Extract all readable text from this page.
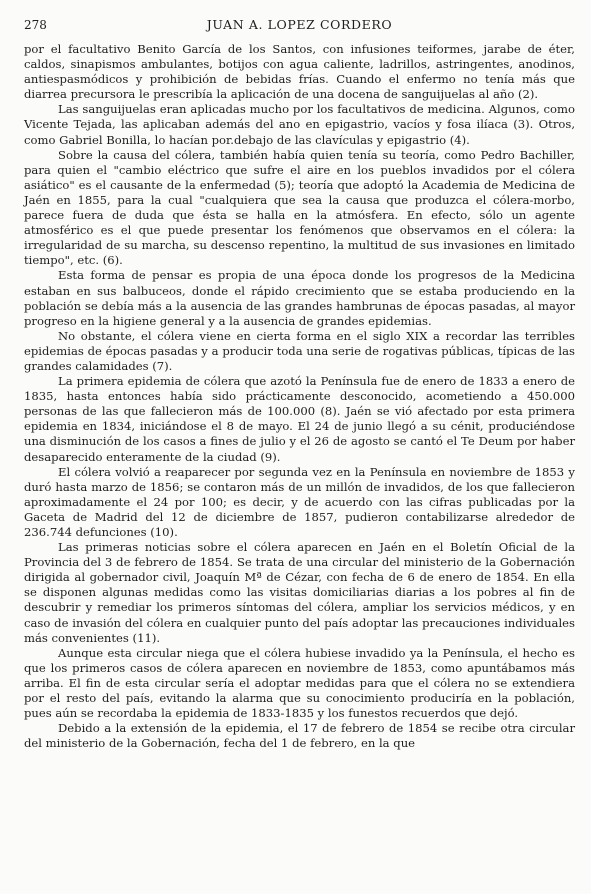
278	JUAN A. LOPEZ CORDERO

por el facultativo Benito García de los Santos, con infusiones teiformes, jarabe de éter, caldos, sinapismos ambulantes, botijos con agua caliente, ladrillos, astringentes, anodinos, antiespasmódicos y prohibición de bebidas frías. Cuando el enfermo no tenía más que diarrea precursora le prescribía la aplicación de una docena de sanguijuelas al año (2).

Las sanguijuelas eran aplicadas mucho por los facultativos de medicina. Algunos, como Vicente Tejada, las aplicaban además del ano en epigastrio, vacíos y fosa ilíaca (3). Otros, como Gabriel Bonilla, lo hacían por.debajo de las clavículas y epigastrio (4).

Sobre la causa del cólera, también había quien tenía su teoría, como Pedro Bachiller, para quien el "cambio eléctrico que sufre el aire en los pueblos invadidos por el cólera asiático" es el causante de la enfermedad (5); teoría que adoptó la Academia de Medicina de Jaén en 1855, para la cual "cualquiera que sea la causa que produzca el cólera-morbo, parece fuera de duda que ésta se halla en la atmósfera. En efecto, sólo un agente atmosférico es el que puede presentar los fenómenos que observamos en el cólera: la irregularidad de su marcha, su descenso repentino, la multitud de sus invasiones en limitado tiempo", etc. (6).

Esta forma de pensar es propia de una época donde los progresos de la Medicina estaban en sus balbuceos, donde el rápido crecimiento que se estaba produciendo en la población se debía más a la ausencia de las grandes hambrunas de épocas pasadas, al mayor progreso en la higiene general y a la ausencia de grandes epidemias.

No obstante, el cólera viene en cierta forma en el siglo XIX a recordar las terribles epidemias de épocas pasadas y a producir toda una serie de rogativas públicas, típicas de las grandes calamidades (7).

La primera epidemia de cólera que azotó la Península fue de enero de 1833 a enero de 1835, hasta entonces había sido prácticamente desconocido, acometiendo a 450.000 personas de las que fallecieron más de 100.000 (8). Jaén se vió afectado por esta primera epidemia en 1834, iniciándose el 8 de mayo. El 24 de junio llegó a su cénit, produciéndose una disminución de los casos a fines de julio y el 26 de agosto se cantó el Te Deum por haber desaparecido enteramente de la ciudad (9).

El cólera volvió a reaparecer por segunda vez en la Península en noviembre de 1853 y duró hasta marzo de 1856; se contaron más de un millón de invadidos, de los que fallecieron aproximadamente el 24 por 100; es decir, y de acuerdo con las cifras publicadas por la Gaceta de Madrid del 12 de diciembre de 1857, pudieron contabilizarse alrededor de 236.744 defunciones (10).

Las primeras noticias sobre el cólera aparecen en Jaén en el Boletín Oficial de la Provincia del 3 de febrero de 1854. Se trata de una circular del ministerio de la Gobernación dirigida al gobernador civil, Joaquín Mª de Cézar, con fecha de 6 de enero de 1854. En ella se disponen algunas medidas como las visitas domiciliarias diarias a los pobres al fin de descubrir y remediar los primeros síntomas del cólera, ampliar los servicios médicos, y en caso de invasión del cólera en cualquier punto del país adoptar las precauciones individuales más convenientes (11).

Aunque esta circular niega que el cólera hubiese invadido ya la Península, el hecho es que los primeros casos de cólera aparecen en noviembre de 1853, como apuntábamos más arriba. El fin de esta circular sería el adoptar medidas para que el cólera no se extendiera por el resto del país, evitando la alarma que su conocimiento produciría en la población, pues aún se recordaba la epidemia de 1833-1835 y los funestos recuerdos que dejó.

Debido a la extensión de la epidemia, el 17 de febrero de 1854 se recibe otra circular del ministerio de la Gobernación, fecha del 1 de febrero, en la que
